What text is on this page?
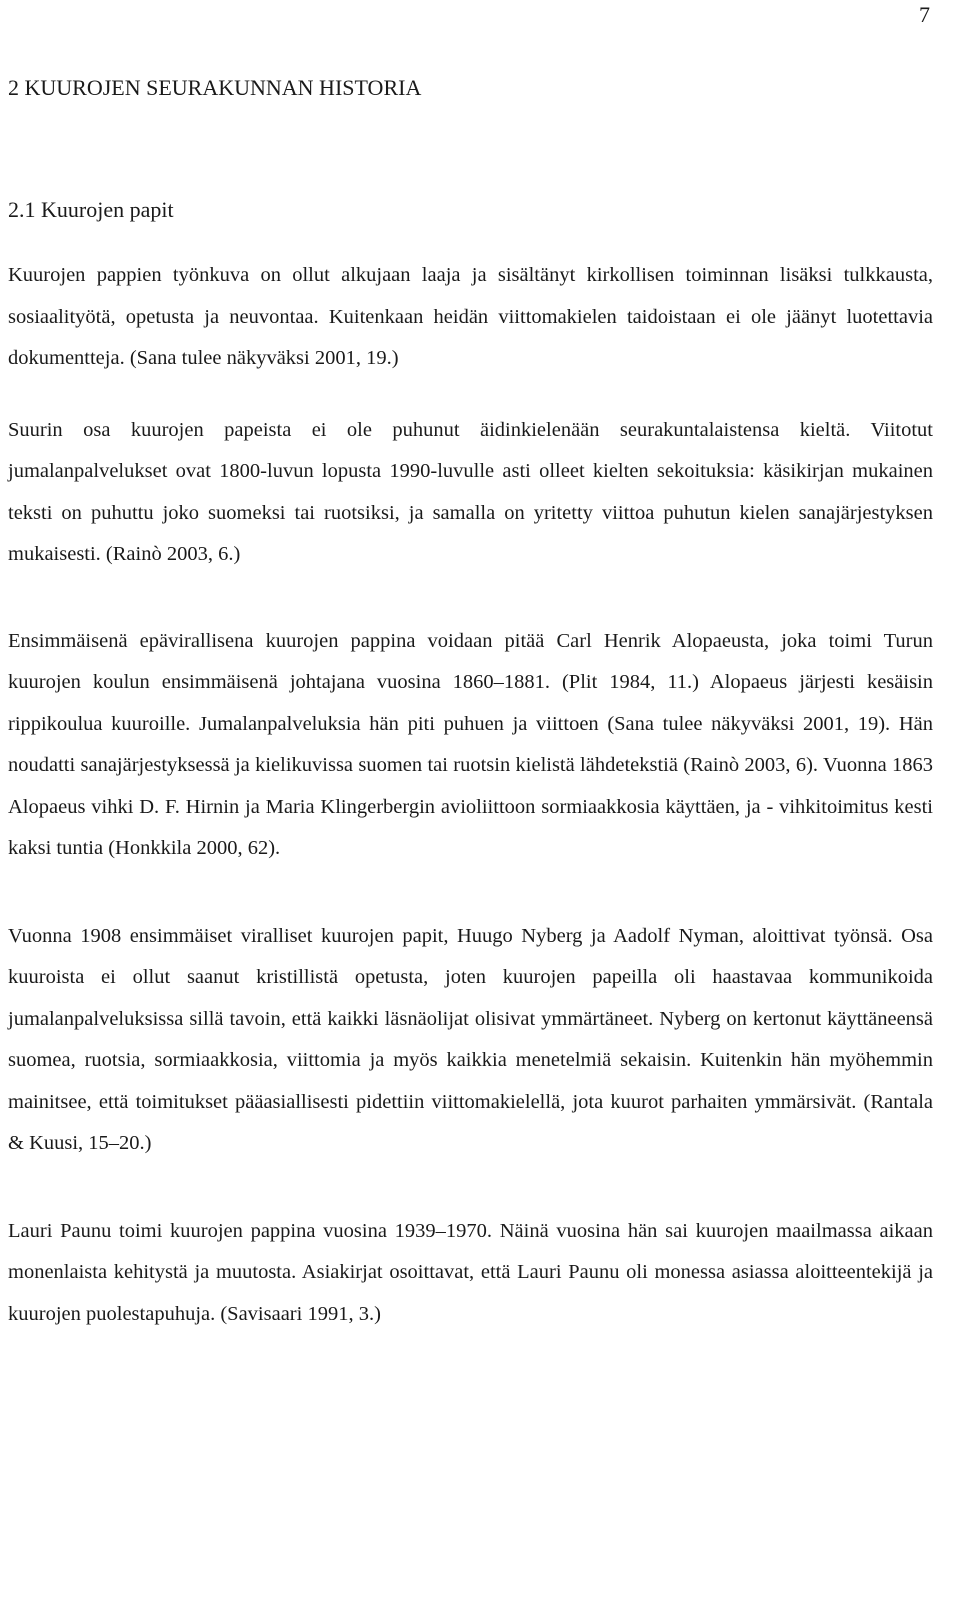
7
2 KUUROJEN SEURAKUNNAN HISTORIA
2.1 Kuurojen papit

Kuurojen pappien työnkuva on ollut alkujaan laaja ja sisältänyt kirkollisen toiminnan lisäksi tulkkausta, sosiaalityötä, opetusta ja neuvontaa. Kuitenkaan heidän viittomakielen taidoistaan ei ole jäänyt luotettavia dokumentteja. (Sana tulee näkyväksi 2001, 19.)

Suurin osa kuurojen papeista ei ole puhunut äidinkielenään seurakuntalaistensa kieltä. Viitotut jumalanpalvelukset ovat 1800-luvun lopusta 1990-luvulle asti olleet kielten sekoituksia: käsikirjan mukainen teksti on puhuttu joko suomeksi tai ruotsiksi, ja samalla on yritetty viittoa puhutun kielen sanajärjestyksen mukaisesti. (Rainò 2003, 6.)

Ensimmäisenä epävirallisena kuurojen pappina voidaan pitää Carl Henrik Alopaeusta, joka toimi Turun kuurojen koulun ensimmäisenä johtajana vuosina 1860–1881. (Plit 1984, 11.) Alopaeus järjesti kesäisin rippikoulua kuuroille. Jumalanpalveluksia hän piti puhuen ja viittoen (Sana tulee näkyväksi 2001, 19). Hän noudatti sanajärjestyksessä ja kielikuvissa suomen tai ruotsin kielistä lähdetekstiä (Rainò 2003, 6). Vuonna 1863 Alopaeus vihki D. F. Hirnin ja Maria Klingerbergin avioliittoon sormiaakkosia käyttäen, ja - vihkitoimitus kesti kaksi tuntia (Honkkila 2000, 62).

Vuonna 1908 ensimmäiset viralliset kuurojen papit, Huugo Nyberg ja Aadolf Nyman, aloittivat työnsä. Osa kuuroista ei ollut saanut kristillistä opetusta, joten kuurojen papeilla oli haastavaa kommunikoida jumalanpalveluksissa sillä tavoin, että kaikki läsnäolijat olisivat ymmärtäneet. Nyberg on kertonut käyttäneensä suomea, ruotsia, sormiaakkosia, viittomia ja myös kaikkia menetelmiä sekaisin. Kuitenkin hän myöhemmin mainitsee, että toimitukset pääasiallisesti pidettiin viittomakielellä, jota kuurot parhaiten ymmärsivät. (Rantala & Kuusi, 15–20.)

Lauri Paunu toimi kuurojen pappina vuosina 1939–1970. Näinä vuosina hän sai kuurojen maailmassa aikaan monenlaista kehitystä ja muutosta. Asiakirjat osoittavat, että Lauri Paunu oli monessa asiassa aloitteentekijä ja kuurojen puolestapuhuja. (Savisaari 1991, 3.)
